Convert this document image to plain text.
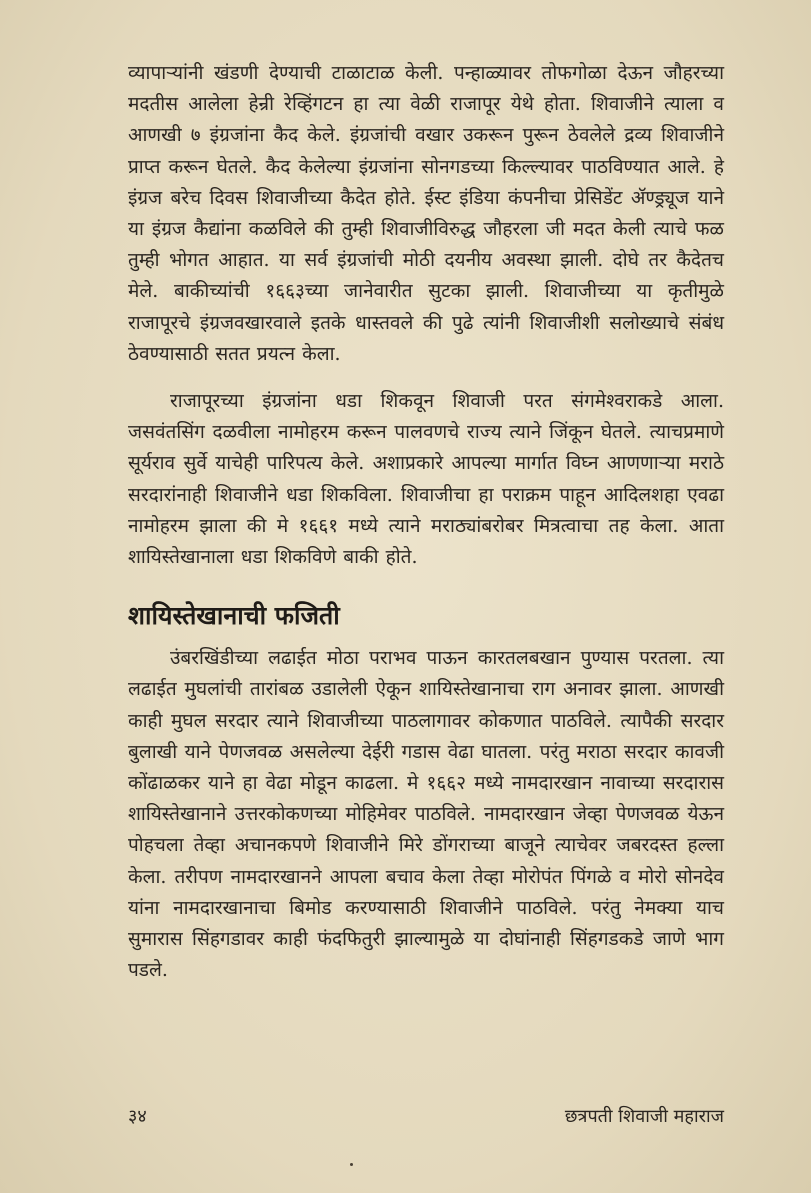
व्यापाऱ्यांनी खंडणी देण्याची टाळाटाळ केली. पन्हाळ्यावर तोफगोळा देऊन जौहरच्या मदतीस आलेला हेन्री रेव्हिंगटन हा त्या वेळी राजापूर येथे होता. शिवाजीने त्याला व आणखी ७ इंग्रजांना कैद केले. इंग्रजांची वखार उकरून पुरून ठेवलेले द्रव्य शिवाजीने प्राप्त करून घेतले. कैद केलेल्या इंग्रजांना सोनगडच्या किल्ल्यावर पाठविण्यात आले. हे इंग्रज बरेच दिवस शिवाजीच्या कैदेत होते. ईस्ट इंडिया कंपनीचा प्रेसिडेंट ॲण्ड्र्यूज याने या इंग्रज कैद्यांना कळविले की तुम्ही शिवाजीविरुद्ध जौहरला जी मदत केली त्याचे फळ तुम्ही भोगत आहात. या सर्व इंग्रजांची मोठी दयनीय अवस्था झाली. दोघे तर कैदेतच मेले. बाकीच्यांची १६६३च्या जानेवारीत सुटका झाली. शिवाजीच्या या कृतीमुळे राजापूरचे इंग्रजवखारवाले इतके धास्तवले की पुढे त्यांनी शिवाजीशी सलोख्याचे संबंध ठेवण्यासाठी सतत प्रयत्न केला.

राजापूरच्या इंग्रजांना धडा शिकवून शिवाजी परत संगमेश्वराकडे आला. जसवंतसिंग दळवीला नामोहरम करून पालवणचे राज्य त्याने जिंकून घेतले. त्याचप्रमाणे सूर्यराव सुर्वे याचेही पारिपत्य केले. अशाप्रकारे आपल्या मार्गात विघ्न आणणाऱ्या मराठे सरदारांनाही शिवाजीने धडा शिकविला. शिवाजीचा हा पराक्रम पाहून आदिलशहा एवढा नामोहरम झाला की मे १६६१ मध्ये त्याने मराठ्यांबरोबर मित्रत्वाचा तह केला. आता शायिस्तेखानाला धडा शिकविणे बाकी होते.

शायिस्तेखानाची फजिती

उंबरखिंडीच्या लढाईत मोठा पराभव पाऊन कारतलबखान पुण्यास परतला. त्या लढाईत मुघलांची तारांबळ उडालेली ऐकून शायिस्तेखानाचा राग अनावर झाला. आणखी काही मुघल सरदार त्याने शिवाजीच्या पाठलागावर कोकणात पाठविले. त्यापैकी सरदार बुलाखी याने पेणजवळ असलेल्या देईरी गडास वेढा घातला. परंतु मराठा सरदार कावजी कोंढाळकर याने हा वेढा मोडून काढला. मे १६६२ मध्ये नामदारखान नावाच्या सरदारास शायिस्तेखानाने उत्तरकोकणच्या मोहिमेवर पाठविले. नामदारखान जेव्हा पेणजवळ येऊन पोहचला तेव्हा अचानकपणे शिवाजीने मिरे डोंगराच्या बाजूने त्याचेवर जबरदस्त हल्ला केला. तरीपण नामदारखानने आपला बचाव केला तेव्हा मोरोपंत पिंगळे व मोरो सोनदेव यांना नामदारखानाचा बिमोड करण्यासाठी शिवाजीने पाठविले. परंतु नेमक्या याच सुमारास सिंहगडावर काही फंदफितुरी झाल्यामुळे या दोघांनाही सिंहगडकडे जाणे भाग पडले.

३४	छत्रपती शिवाजी महाराज
